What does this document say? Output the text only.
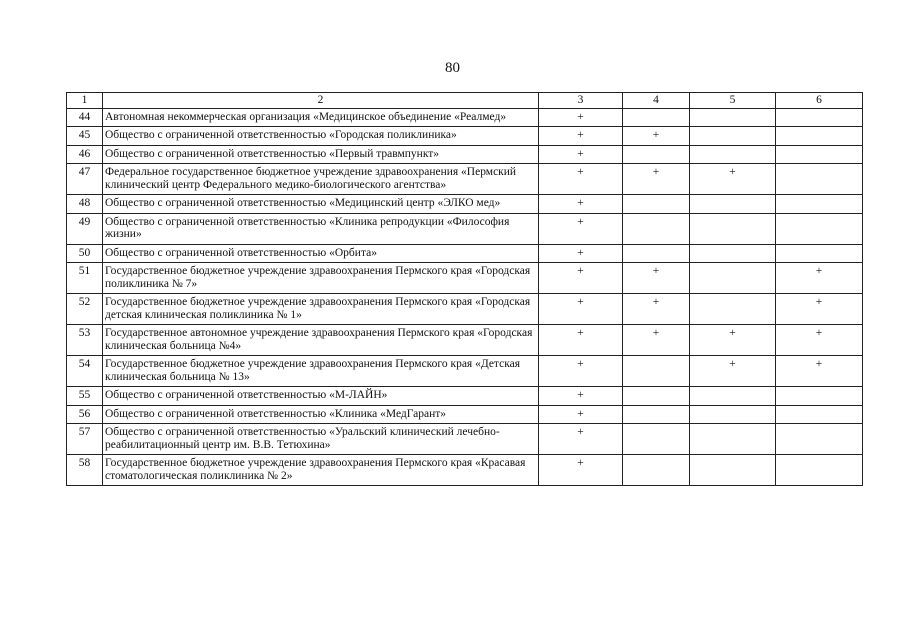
80
1	2	3	4	5	6
44	Автономная некоммерческая организация «Медицинское объединение «Реалмед»	+			
45	Общество с ограниченной ответственностью «Городская поликлиника»	+	+		
46	Общество с ограниченной ответственностью «Первый травмпункт»	+			
47	Федеральное государственное бюджетное учреждение здравоохранения «Пермский клинический центр Федерального медико-биологического агентства»	+	+	+	
48	Общество с ограниченной ответственностью «Медицинский центр «ЭЛКО мед»	+			
49	Общество с ограниченной ответственностью «Клиника репродукции «Философия жизни»	+			
50	Общество с ограниченной ответственностью «Орбита»	+			
51	Государственное бюджетное учреждение здравоохранения Пермского края «Городская поликлиника № 7»	+	+		+
52	Государственное бюджетное учреждение здравоохранения Пермского края «Городская детская клиническая поликлиника № 1»	+	+		+
53	Государственное автономное учреждение здравоохранения Пермского края «Городская клиническая больница №4»	+	+	+	+
54	Государственное бюджетное учреждение здравоохранения Пермского края «Детская клиническая больница № 13»	+		+	+
55	Общество с ограниченной ответственностью «М-ЛАЙН»	+			
56	Общество с ограниченной ответственностью «Клиника «МедГарант»	+			
57	Общество с ограниченной ответственностью «Уральский клинический лечебно-реабилитационный центр им. В.В. Тетюхина»	+			
58	Государственное бюджетное учреждение здравоохранения Пермского края «Красавая стоматологическая поликлиника № 2»	+			
